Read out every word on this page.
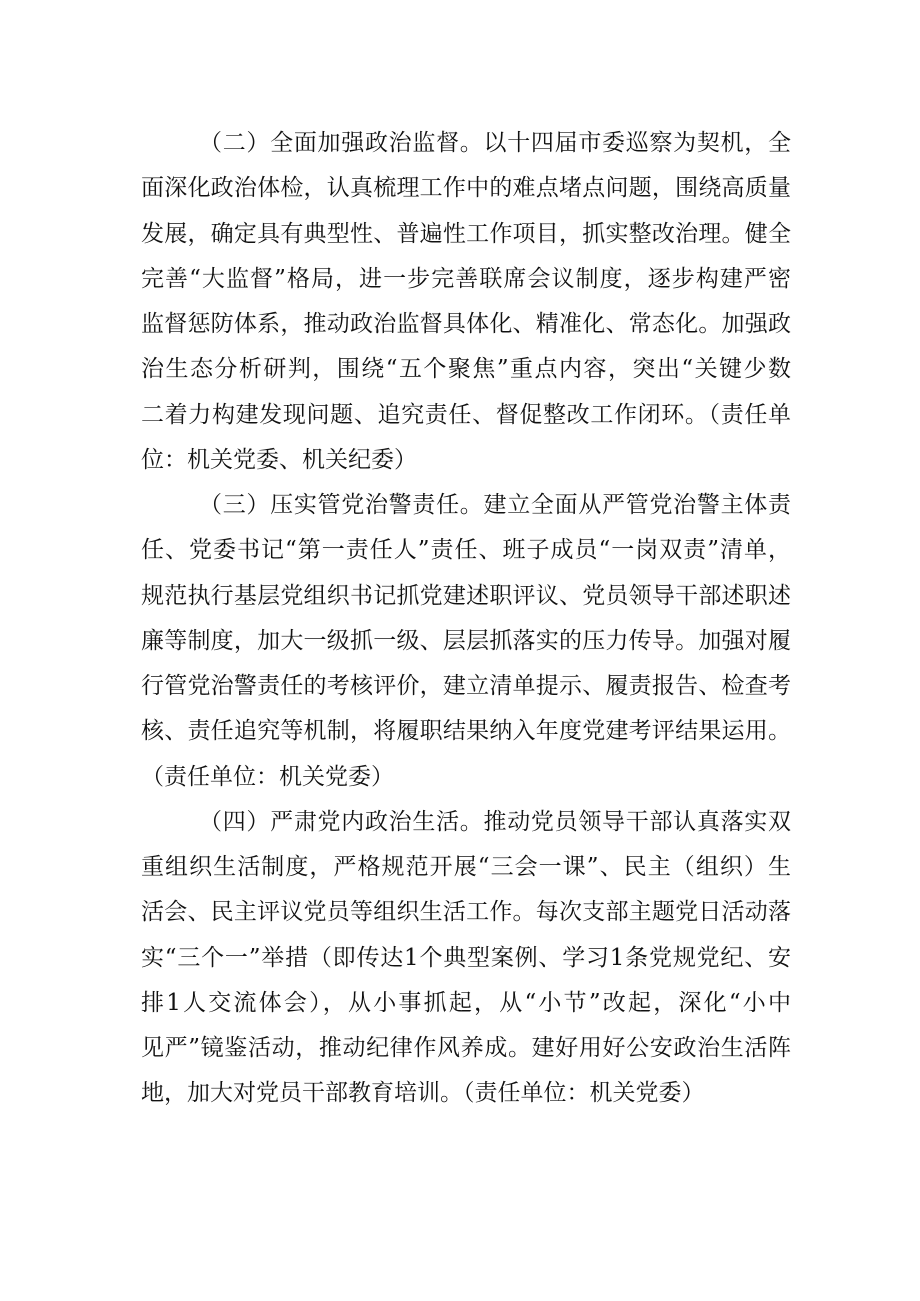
（二）全面加强政治监督。以十四届市委巡察为契机，全
面深化政治体检，认真梳理工作中的难点堵点问题，围绕高质量
发展，确定具有典型性、普遍性工作项目，抓实整改治理。健全
完善“大监督”格局，进一步完善联席会议制度，逐步构建严密
监督惩防体系，推动政治监督具体化、精准化、常态化。加强政
治生态分析研判，围绕“五个聚焦”重点内容，突出“关键少数
二着力构建发现问题、追究责任、督促整改工作闭环。（责任单
位：机关党委、机关纪委）
（三）压实管党治警责任。建立全面从严管党治警主体责
任、党委书记“第一责任人”责任、班子成员“一岗双责”清单，
规范执行基层党组织书记抓党建述职评议、党员领导干部述职述
廉等制度，加大一级抓一级、层层抓落实的压力传导。加强对履
行管党治警责任的考核评价，建立清单提示、履责报告、检查考
核、责任追究等机制，将履职结果纳入年度党建考评结果运用。
（责任单位：机关党委）
（四）严肃党内政治生活。推动党员领导干部认真落实双
重组织生活制度，严格规范开展“三会一课”、民主（组织）生
活会、民主评议党员等组织生活工作。每次支部主题党日活动落
实“三个一”举措（即传达1个典型案例、学习1条党规党纪、安
排1人交流体会），从小事抓起，从“小节”改起，深化“小中
见严”镜鉴活动，推动纪律作风养成。建好用好公安政治生活阵
地，加大对党员干部教育培训。（责任单位：机关党委）
